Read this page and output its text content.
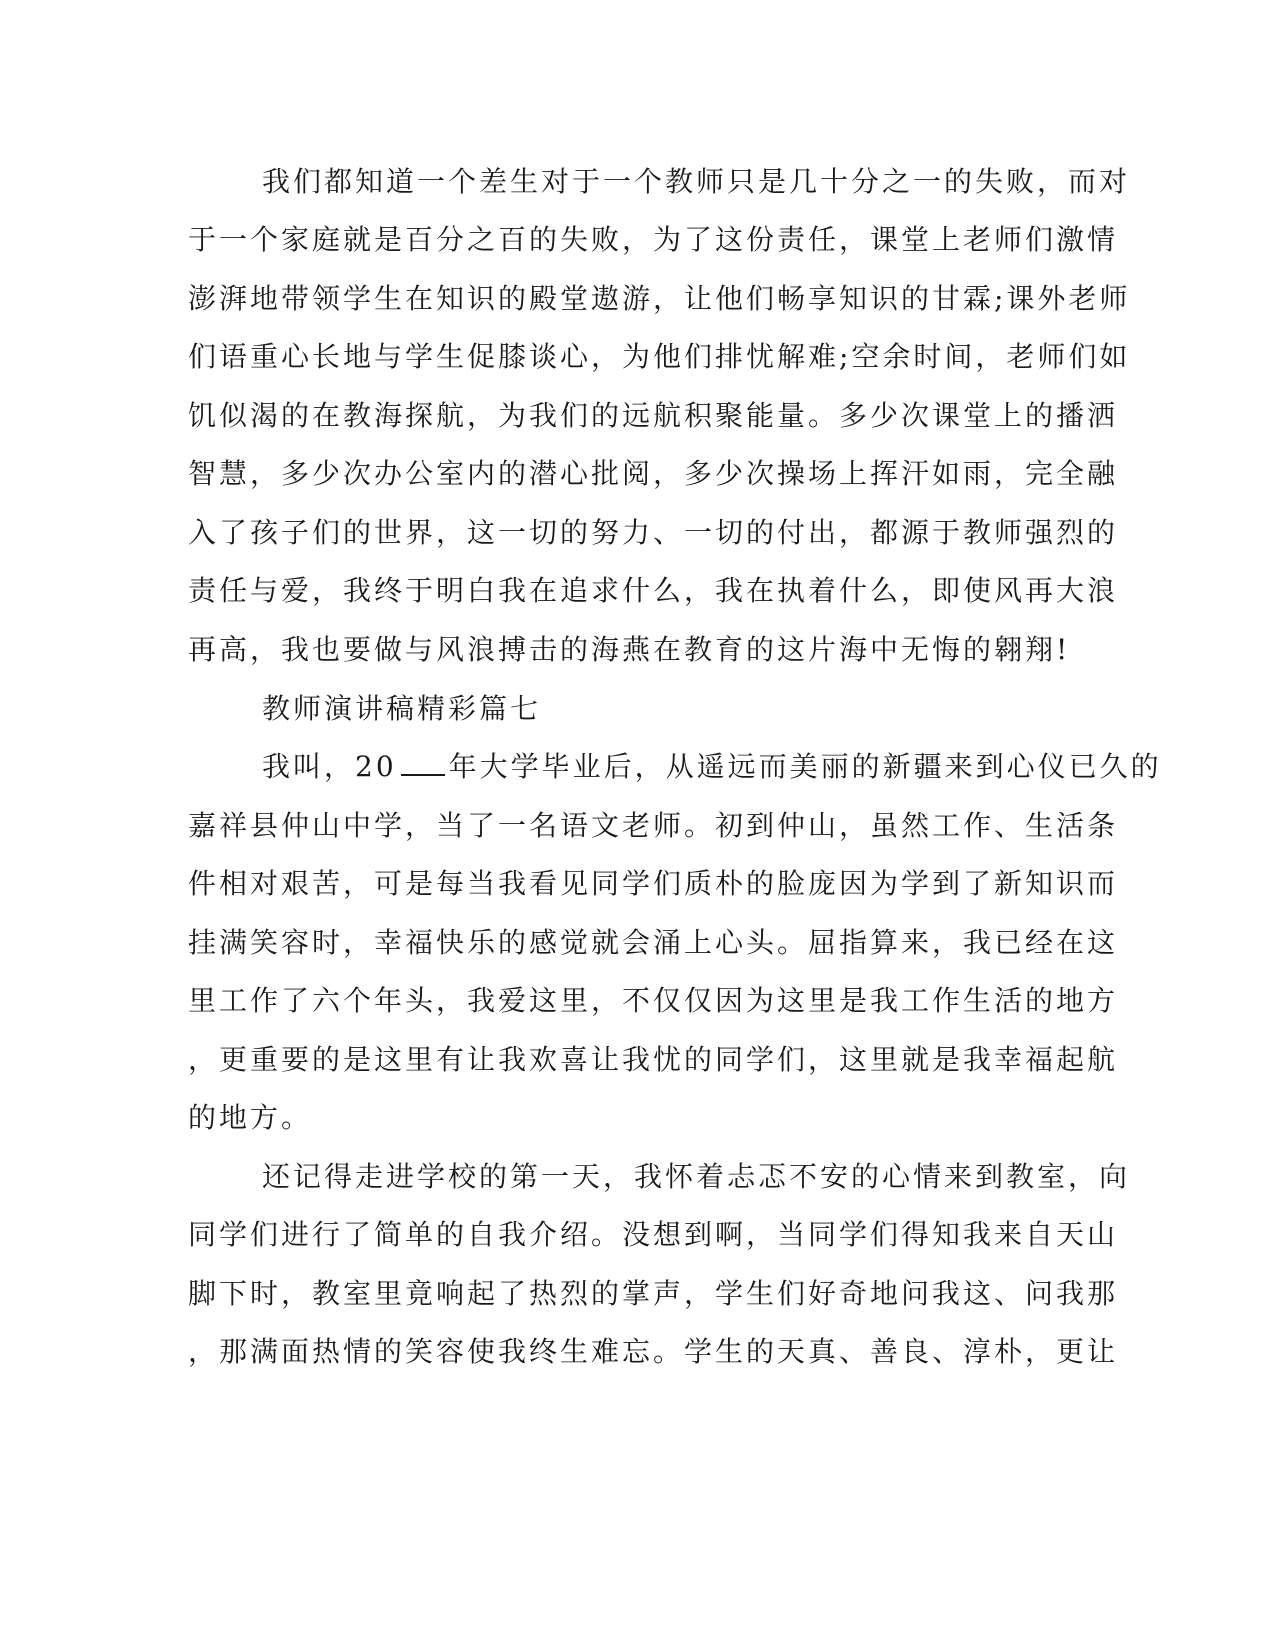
我们都知道一个差生对于一个教师只是几十分之一的失败，而对
于一个家庭就是百分之百的失败，为了这份责任，课堂上老师们激情
澎湃地带领学生在知识的殿堂遨游，让他们畅享知识的甘霖;课外老师
们语重心长地与学生促膝谈心，为他们排忧解难;空余时间，老师们如
饥似渴的在教海探航，为我们的远航积聚能量。多少次课堂上的播洒
智慧，多少次办公室内的潜心批阅，多少次操场上挥汗如雨，完全融
入了孩子们的世界，这一切的努力、一切的付出，都源于教师强烈的
责任与爱，我终于明白我在追求什么，我在执着什么，即使风再大浪
再高，我也要做与风浪搏击的海燕在教育的这片海中无悔的翱翔!
教师演讲稿精彩篇七
我叫，20 年大学毕业后，从遥远而美丽的新疆来到心仪已久的
嘉祥县仲山中学，当了一名语文老师。初到仲山，虽然工作、生活条
件相对艰苦，可是每当我看见同学们质朴的脸庞因为学到了新知识而
挂满笑容时，幸福快乐的感觉就会涌上心头。屈指算来，我已经在这
里工作了六个年头，我爱这里，不仅仅因为这里是我工作生活的地方
，更重要的是这里有让我欢喜让我忧的同学们，这里就是我幸福起航
的地方。
还记得走进学校的第一天，我怀着忐忑不安的心情来到教室，向
同学们进行了简单的自我介绍。没想到啊，当同学们得知我来自天山
脚下时，教室里竟响起了热烈的掌声，学生们好奇地问我这、问我那
，那满面热情的笑容使我终生难忘。学生的天真、善良、淳朴，更让
